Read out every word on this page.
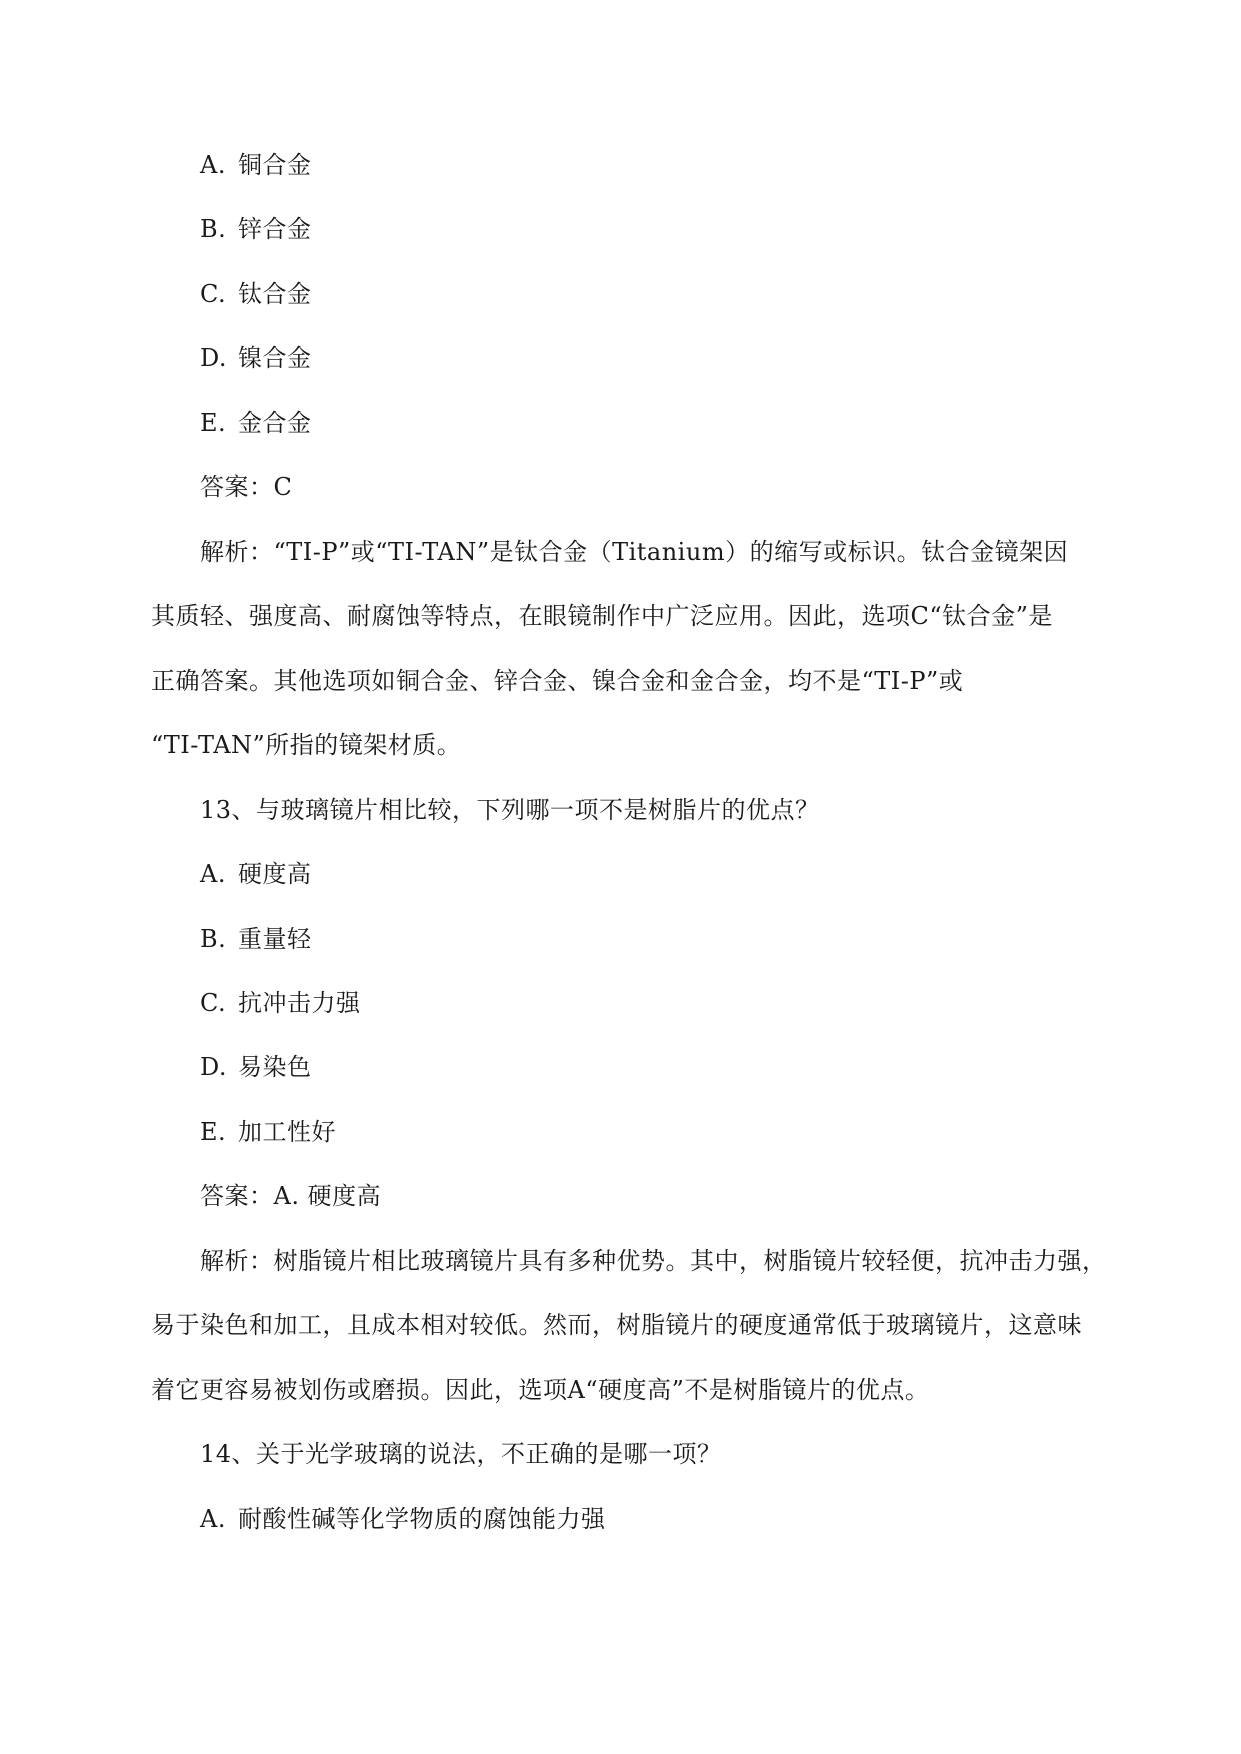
A. 铜合金
B. 锌合金
C. 钛合金
D. 镍合金
E. 金合金
答案：C
解析：“TI-P”或“TI-TAN”是钛合金（Titanium）的缩写或标识。钛合金镜架因
其质轻、强度高、耐腐蚀等特点，在眼镜制作中广泛应用。因此，选项C“钛合金”是
正确答案。其他选项如铜合金、锌合金、镍合金和金合金，均不是“TI-P”或
“TI-TAN”所指的镜架材质。
13、与玻璃镜片相比较，下列哪一项不是树脂片的优点？
A. 硬度高
B. 重量轻
C. 抗冲击力强
D. 易染色
E. 加工性好
答案：A. 硬度高
解析：树脂镜片相比玻璃镜片具有多种优势。其中，树脂镜片较轻便，抗冲击力强，
易于染色和加工，且成本相对较低。然而，树脂镜片的硬度通常低于玻璃镜片，这意味
着它更容易被划伤或磨损。因此，选项A“硬度高”不是树脂镜片的优点。
14、关于光学玻璃的说法，不正确的是哪一项？
A. 耐酸性碱等化学物质的腐蚀能力强
